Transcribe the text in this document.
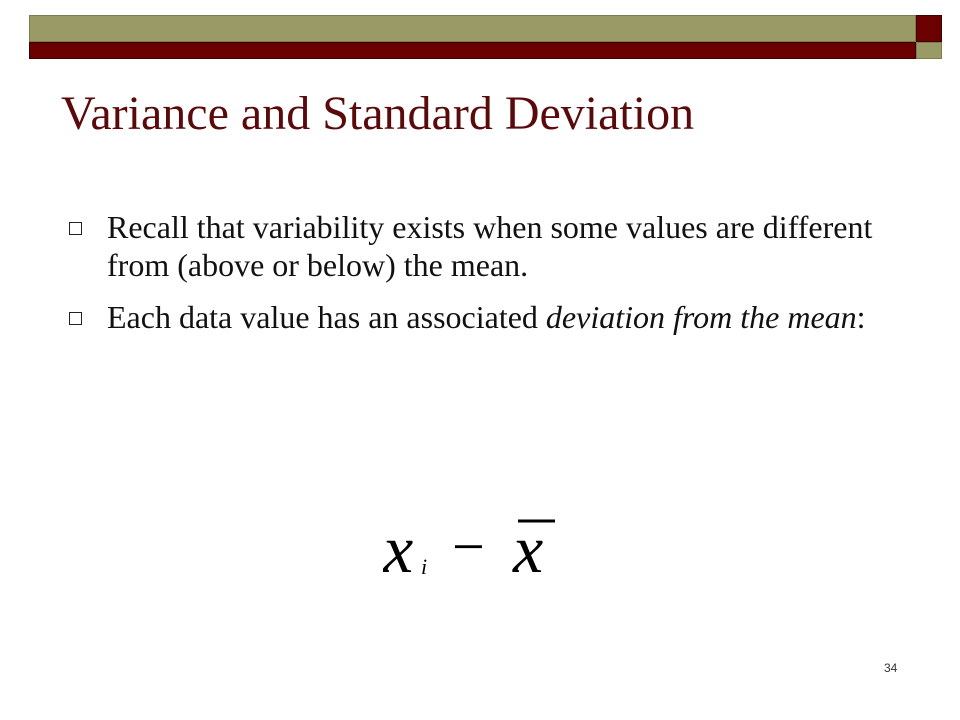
Variance and Standard Deviation
Recall that variability exists when some values are different from (above or below) the mean.
Each data value has an associated deviation from the mean:
x i − x
34
